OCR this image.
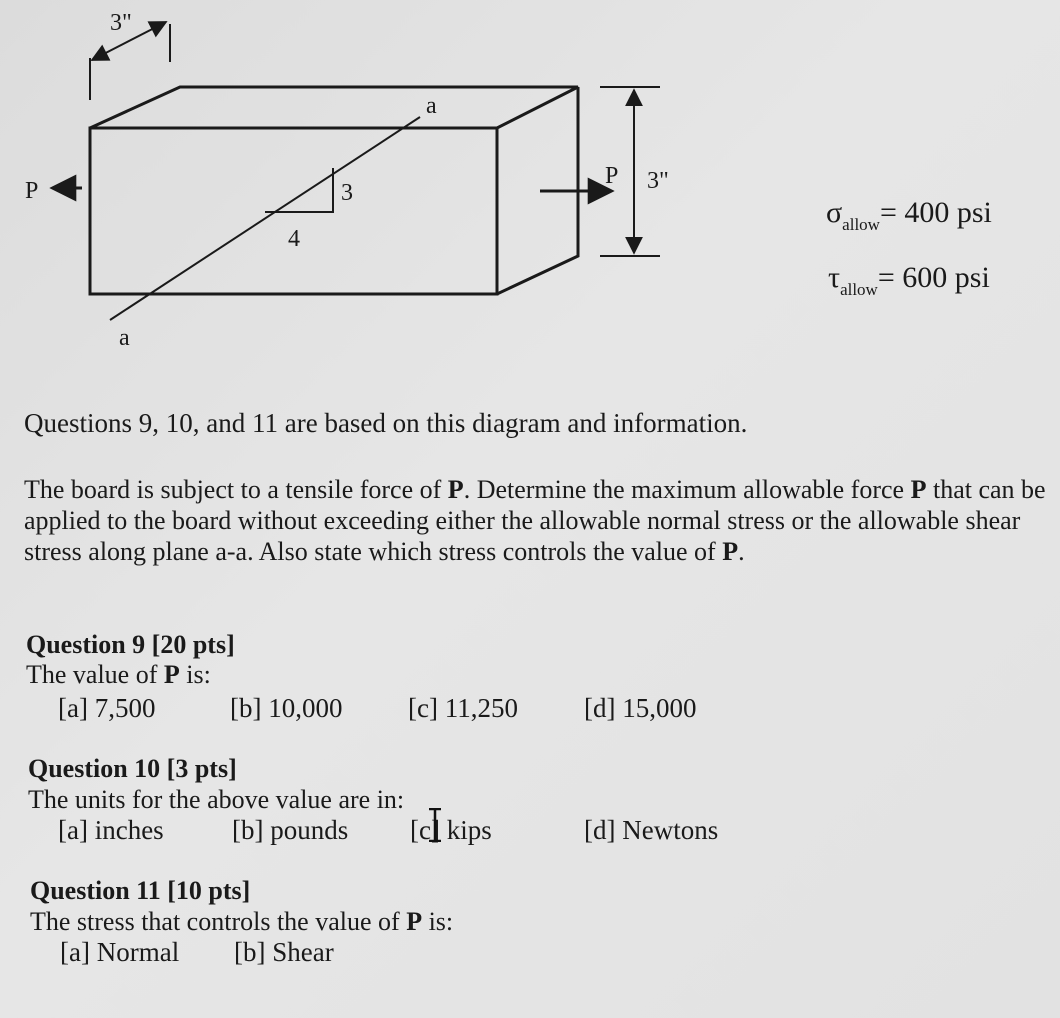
3"
3"
P
P
a
a
3
4
$\sigma_{allow}= 400$ psi
$\tau_{allow}= 600$ psi
Questions 9, 10, and 11 are based on this diagram and information.
The board is subject to a tensile force of P. Determine the maximum allowable force P that can be applied to the board without exceeding either the allowable normal stress or the allowable shear stress along plane a-a. Also state which stress controls the value of P.
Question 9 [20 pts]
The value of P is:
[a] 7,500	[b] 10,000 [c] 11,250 [d] 15,000
Question 10 [3 pts]
The units for the above value are in:
[a] inches	[b] pounds [c] kips	[d] Newtons
Question 11 [10 pts]
The stress that controls the value of P is:
[a] Normal [b] Shear
